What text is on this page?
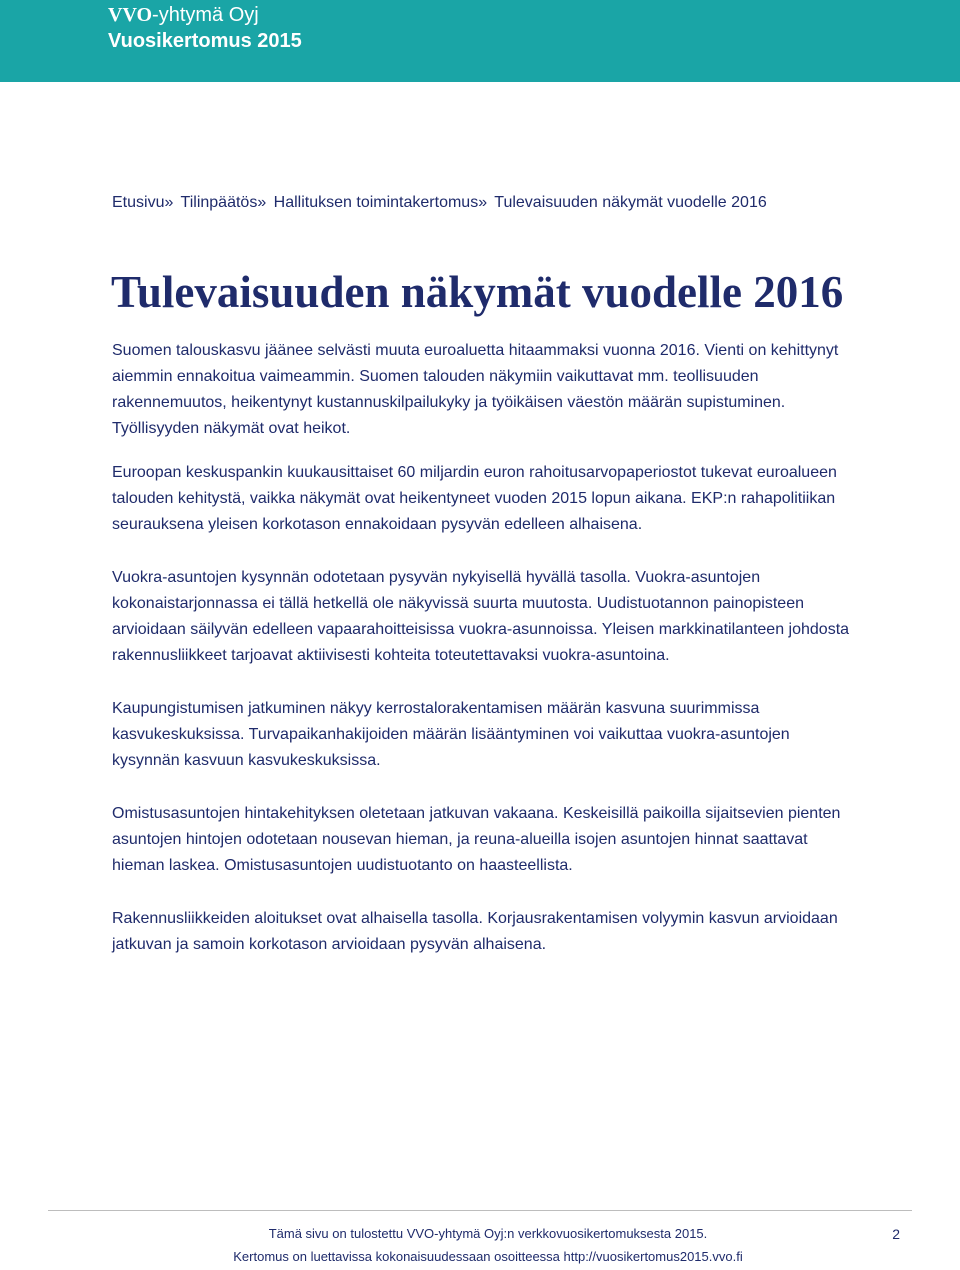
VVO-yhtymä Oyj
Vuosikertomus 2015
Etusivu» Tilinpäätös» Hallituksen toimintakertomus» Tulevaisuuden näkymät vuodelle 2016
Tulevaisuuden näkymät vuodelle 2016

Suomen talouskasvu jäänee selvästi muuta euroaluetta hitaammaksi vuonna 2016. Vienti on kehittynyt aiemmin ennakoitua vaimeammin. Suomen talouden näkymiin vaikuttavat mm. teollisuuden rakennemuutos, heikentynyt kustannuskilpailukyky ja työikäisen väestön määrän supistuminen. Työllisyyden näkymät ovat heikot.

Euroopan keskuspankin kuukausittaiset 60 miljardin euron rahoitusarvopaperiostot tukevat euroalueen talouden kehitystä, vaikka näkymät ovat heikentyneet vuoden 2015 lopun aikana. EKP:n rahapolitiikan seurauksena yleisen korkotason ennakoidaan pysyvän edelleen alhaisena.

Vuokra-asuntojen kysynnän odotetaan pysyvän nykyisellä hyvällä tasolla. Vuokra-asuntojen kokonaistarjonnassa ei tällä hetkellä ole näkyvissä suurta muutosta. Uudistuotannon painopisteen arvioidaan säilyvän edelleen vapaarahoitteisissa vuokra-asunnoissa. Yleisen markkinatilanteen johdosta rakennusliikkeet tarjoavat aktiivisesti kohteita toteutettavaksi vuokra-asuntoina.

Kaupungistumisen jatkuminen näkyy kerrostalorakentamisen määrän kasvuna suurimmissa kasvukeskuksissa. Turvapaikanhakijoiden määrän lisääntyminen voi vaikuttaa vuokra-asuntojen kysynnän kasvuun kasvukeskuksissa.

Omistusasuntojen hintakehityksen oletetaan jatkuvan vakaana. Keskeisillä paikoilla sijaitsevien pienten asuntojen hintojen odotetaan nousevan hieman, ja reuna-alueilla isojen asuntojen hinnat saattavat hieman laskea. Omistusasuntojen uudistuotanto on haasteellista.

Rakennusliikkeiden aloitukset ovat alhaisella tasolla. Korjausrakentamisen volyymin kasvun arvioidaan jatkuvan ja samoin korkotason arvioidaan pysyvän alhaisena.

Tämä sivu on tulostettu VVO-yhtymä Oyj:n verkkovuosikertomuksesta 2015.
Kertomus on luettavissa kokonaisuudessaan osoitteessa http://vuosikertomus2015.vvo.fi
2
